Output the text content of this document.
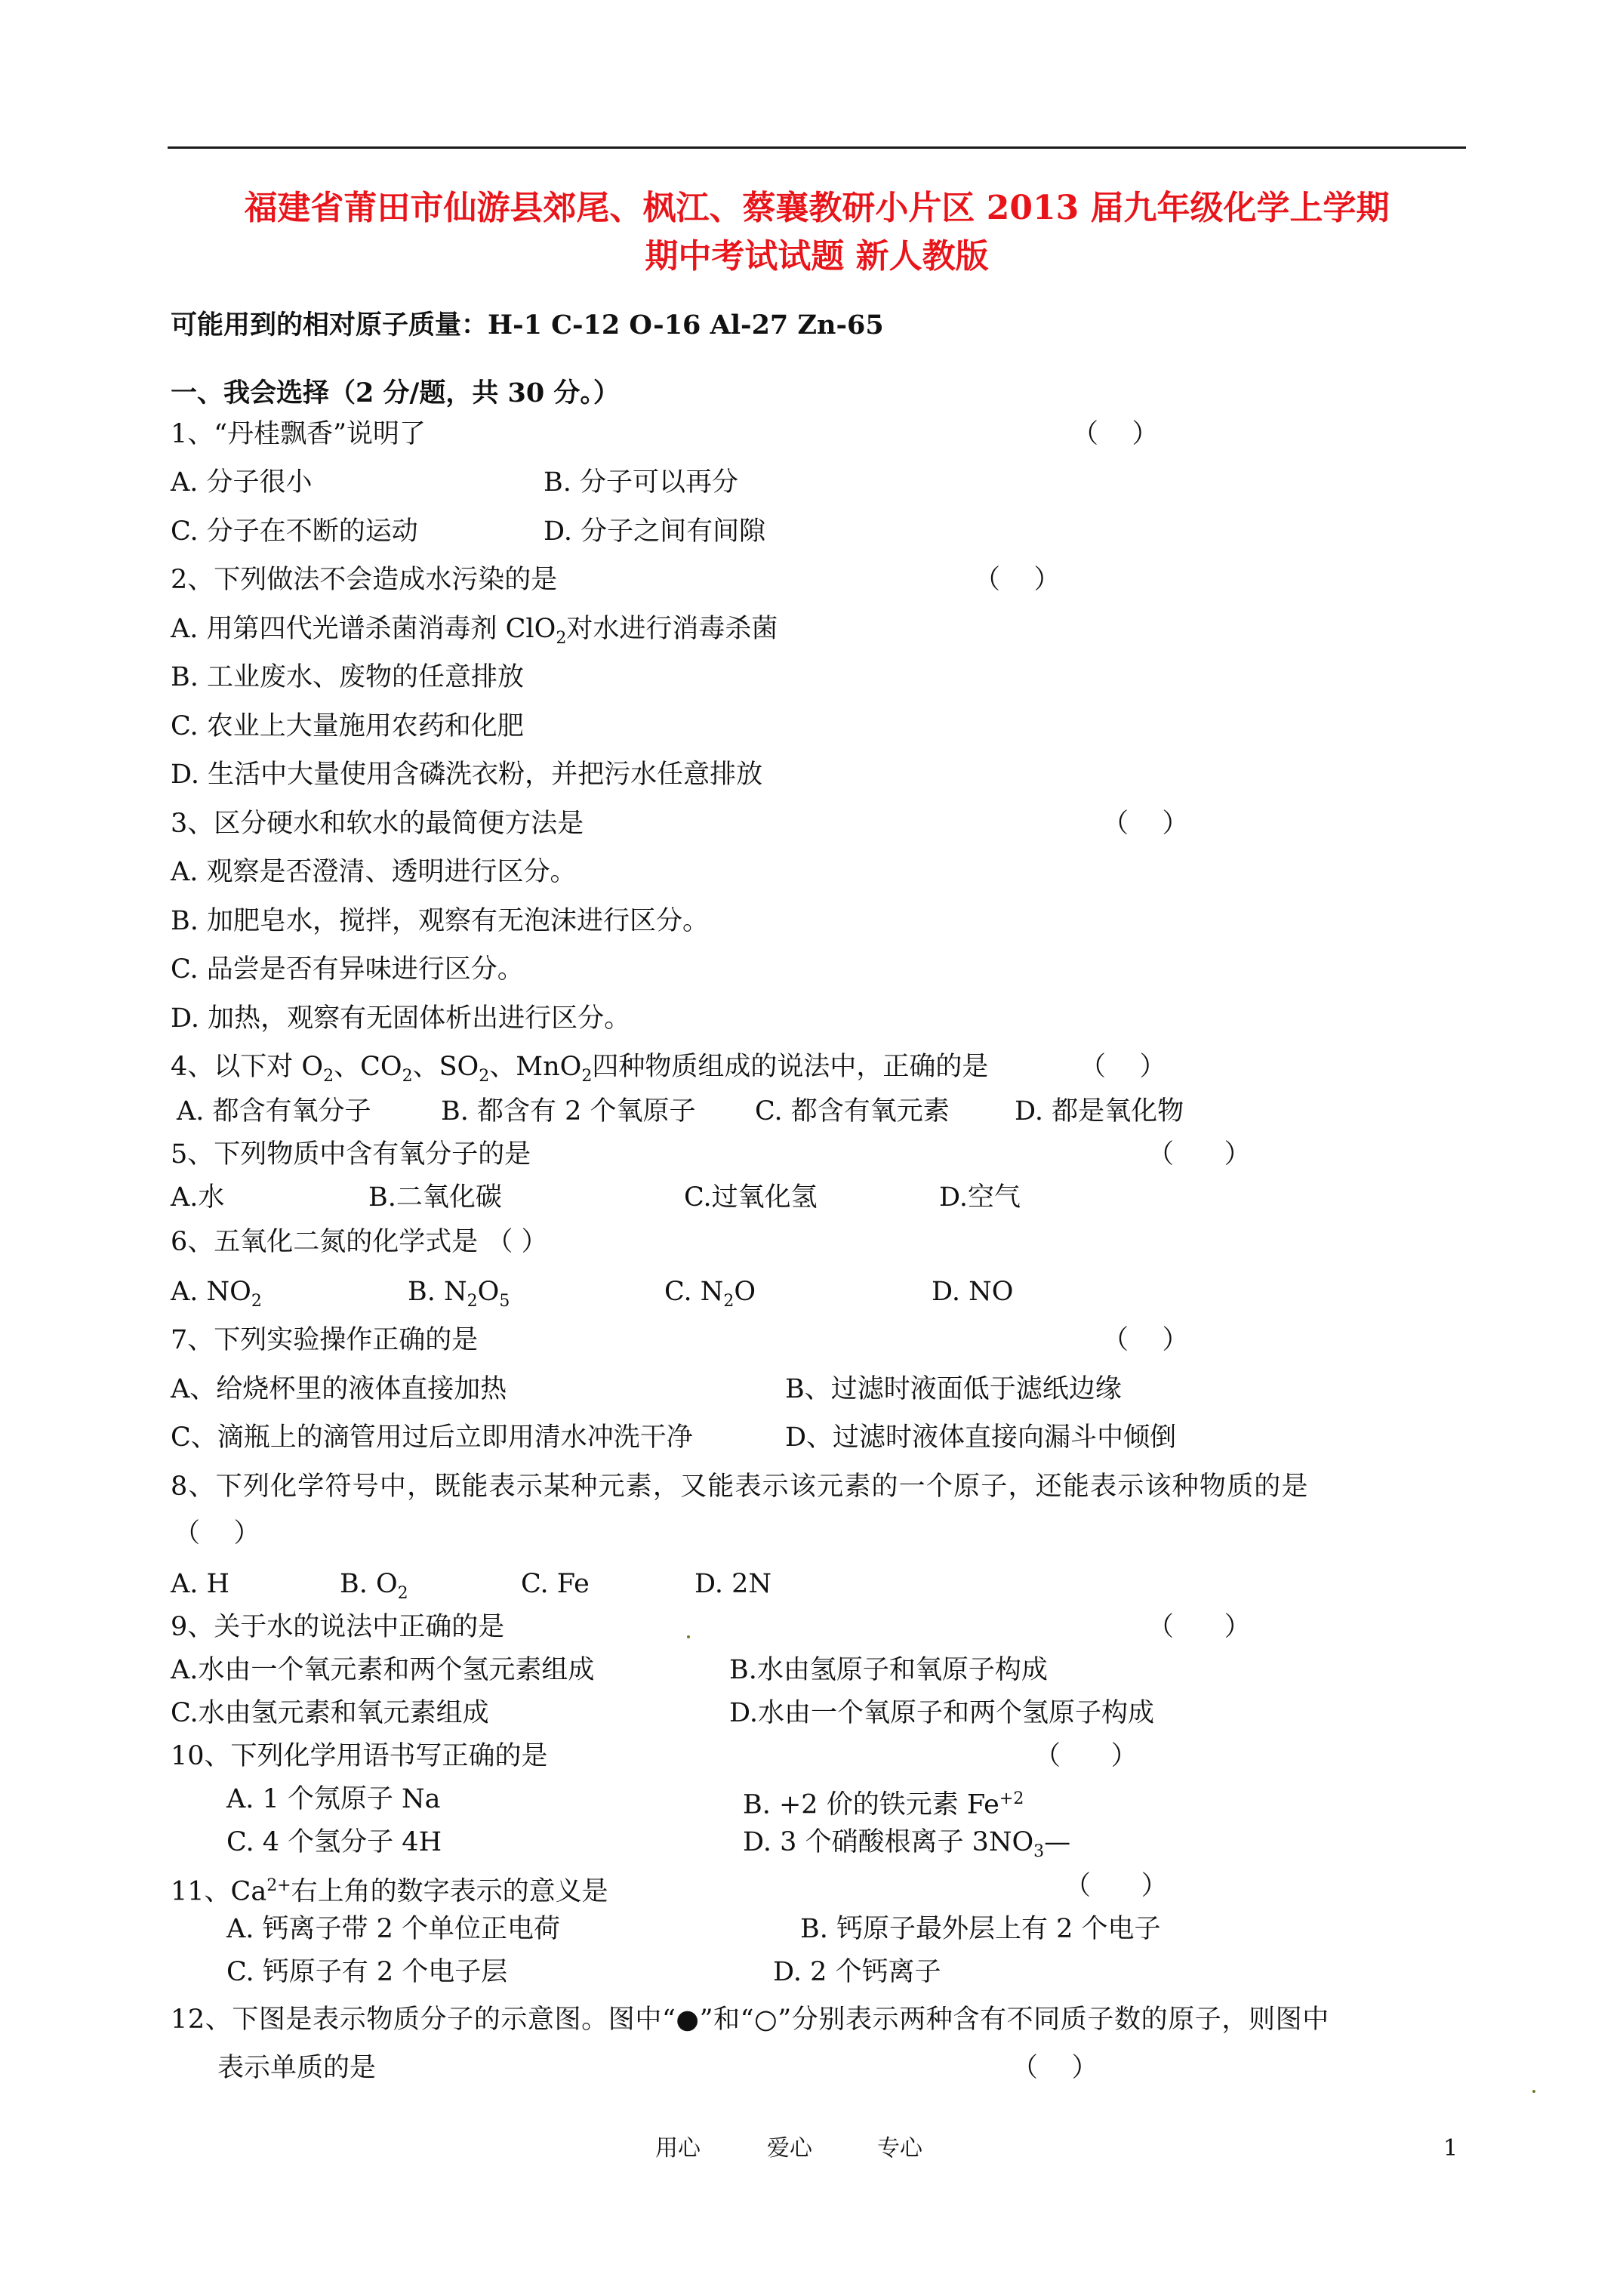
福建省莆田市仙游县郊尾、枫江、蔡襄教研小片区 2013 届九年级化学上学期
期中考试试题 新人教版
可能用到的相对原子质量：H-1 C-12 O-16 Al-27 Zn-65
一、我会选择（2 分/题，共 30 分。）
1、“丹桂飘香”说明了	（    ）
A. 分子很小	B. 分子可以再分
C. 分子在不断的运动	D. 分子之间有间隙
2、下列做法不会造成水污染的是	（    ）
A. 用第四代光谱杀菌消毒剂 ClO$_2$对水进行消毒杀菌
B. 工业废水、废物的任意排放
C. 农业上大量施用农药和化肥
D. 生活中大量使用含磷洗衣粉，并把污水任意排放
3、区分硬水和软水的最简便方法是	（    ）
A. 观察是否澄清、透明进行区分。
B. 加肥皂水，搅拌，观察有无泡沫进行区分。
C. 品尝是否有异味进行区分。
D. 加热，观察有无固体析出进行区分。
4、以下对 $O_2$、$CO_2$、$SO_2$、MnO$_2$四种物质组成的说法中，正确的是	（    ）
A. 都含有氧分子	B. 都含有 2 个氧原子 C. 都含有氧元素 D. 都是氧化物
5、下列物质中含有氧分子的是	（      ）
A.水	B.二氧化碳	C.过氧化氢	D.空气
6、五氧化二氮的化学式是 （ ）
A. $NO_2$	B. $N_2O_5$	C. $N_2O$	D. NO
7、下列实验操作正确的是	（    ）
A、给烧杯里的液体直接加热	B、过滤时液面低于滤纸边缘
C、滴瓶上的滴管用过后立即用清水冲洗干净	D、过滤时液体直接向漏斗中倾倒
8、下列化学符号中，既能表示某种元素，又能表示该元素的一个原子，还能表示该种物质的是
（    ）
A. H	B. $O_2$	C. Fe	D. 2N
9、关于水的说法中正确的是	（      ）
A.水由一个氧元素和两个氢元素组成	B.水由氢原子和氧原子构成
C.水由氢元素和氧元素组成	D.水由一个氧原子和两个氢原子构成
10、下列化学用语书写正确的是	（      ）
A. 1 个氖原子 Na	B. +2 价的铁元素 $Fe^{+2}$
C. 4 个氢分子 4H	D. 3 个硝酸根离子 $3NO_3—$
11、$Ca^{2+}$右上角的数字表示的意义是	（      ）
A. 钙离子带 2 个单位正电荷	B. 钙原子最外层上有 2 个电子
C. 钙原子有 2 个电子层	D. 2 个钙离子
12、下图是表示物质分子的示意图。图中“●”和“○”分别表示两种含有不同质子数的原子，则图中
表示单质的是	（    ）
用心	爱心	专心	1
